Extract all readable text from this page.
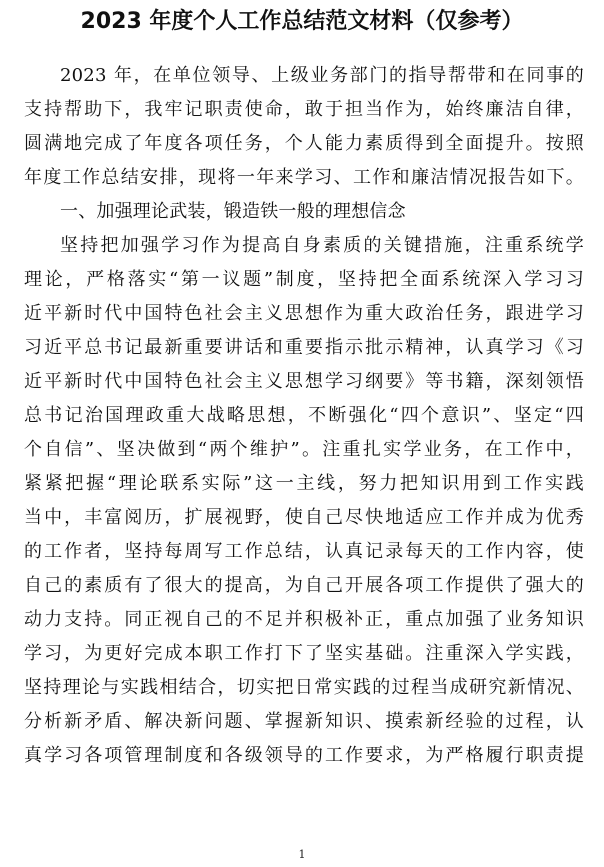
2023 年度个人工作总结范文材料（仅参考）
2023 年，在单位领导、上级业务部门的指导帮带和在同事的
支持帮助下，我牢记职责使命，敢于担当作为，始终廉洁自律，
圆满地完成了年度各项任务，个人能力素质得到全面提升。按照
年度工作总结安排，现将一年来学习、工作和廉洁情况报告如下。
一、加强理论武装，锻造铁一般的理想信念
坚持把加强学习作为提高自身素质的关键措施，注重系统学
理论，严格落实“第一议题”制度，坚持把全面系统深入学习习
近平新时代中国特色社会主义思想作为重大政治任务，跟进学习
习近平总书记最新重要讲话和重要指示批示精神，认真学习《习
近平新时代中国特色社会主义思想学习纲要》等书籍，深刻领悟
总书记治国理政重大战略思想，不断强化“四个意识”、坚定“四
个自信”、坚决做到“两个维护”。注重扎实学业务，在工作中，
紧紧把握“理论联系实际”这一主线，努力把知识用到工作实践
当中，丰富阅历，扩展视野，使自己尽快地适应工作并成为优秀
的工作者，坚持每周写工作总结，认真记录每天的工作内容，使
自己的素质有了很大的提高，为自己开展各项工作提供了强大的
动力支持。同正视自己的不足并积极补正，重点加强了业务知识
学习，为更好完成本职工作打下了坚实基础。注重深入学实践，
坚持理论与实践相结合，切实把日常实践的过程当成研究新情况、
分析新矛盾、解决新问题、掌握新知识、摸索新经验的过程，认
真学习各项管理制度和各级领导的工作要求，为严格履行职责提
1
